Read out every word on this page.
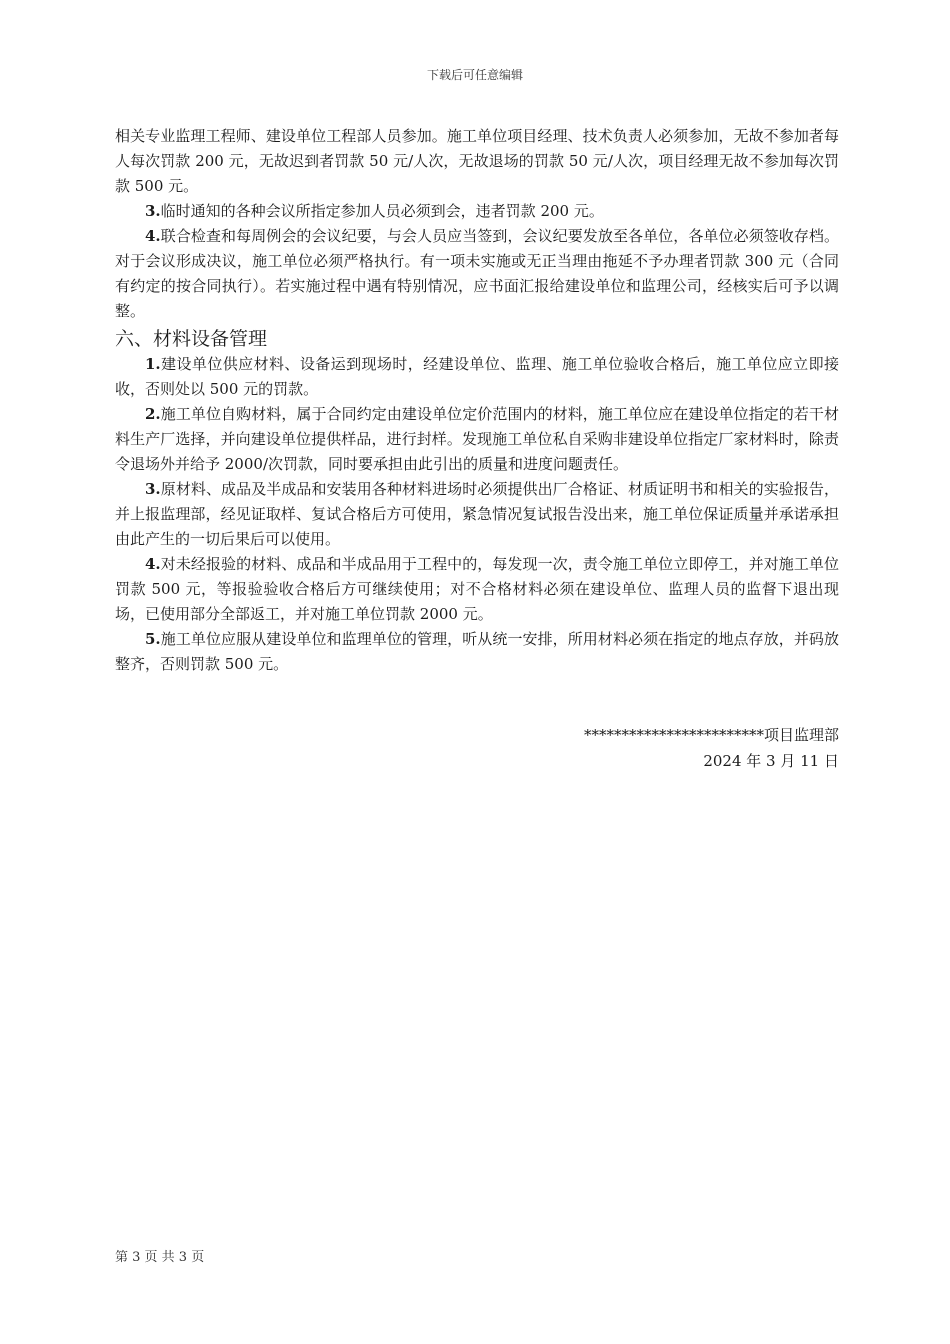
下载后可任意编辑

相关专业监理工程师、建设单位工程部人员参加。施工单位项目经理、技术负责人必须参加，无故不参加者每人每次罚款 200 元，无故迟到者罚款 50 元/人次，无故退场的罚款 50 元/人次，项目经理无故不参加每次罚款 500 元。

3.临时通知的各种会议所指定参加人员必须到会，违者罚款 200 元。

4.联合检查和每周例会的会议纪要，与会人员应当签到，会议纪要发放至各单位，各单位必须签收存档。对于会议形成决议，施工单位必须严格执行。有一项未实施或无正当理由拖延不予办理者罚款 300 元（合同有约定的按合同执行）。若实施过程中遇有特别情况，应书面汇报给建设单位和监理公司，经核实后可予以调整。

六、材料设备管理

1.建设单位供应材料、设备运到现场时，经建设单位、监理、施工单位验收合格后，施工单位应立即接收，否则处以 500 元的罚款。

2.施工单位自购材料，属于合同约定由建设单位定价范围内的材料，施工单位应在建设单位指定的若干材料生产厂选择，并向建设单位提供样品，进行封样。发现施工单位私自采购非建设单位指定厂家材料时，除责令退场外并给予 2000/次罚款，同时要承担由此引出的质量和进度问题责任。

3.原材料、成品及半成品和安装用各种材料进场时必须提供出厂合格证、材质证明书和相关的实验报告，并上报监理部，经见证取样、复试合格后方可使用，紧急情况复试报告没出来，施工单位保证质量并承诺承担由此产生的一切后果后可以使用。

4.对未经报验的材料、成品和半成品用于工程中的，每发现一次，责令施工单位立即停工，并对施工单位罚款 500 元，等报验验收合格后方可继续使用；对不合格材料必须在建设单位、监理人员的监督下退出现场，已使用部分全部返工，并对施工单位罚款 2000 元。

5.施工单位应服从建设单位和监理单位的管理，听从统一安排，所用材料必须在指定的地点存放，并码放整齐，否则罚款 500 元。

************************项目监理部
2024 年 3 月 11 日
第 3 页 共 3 页
